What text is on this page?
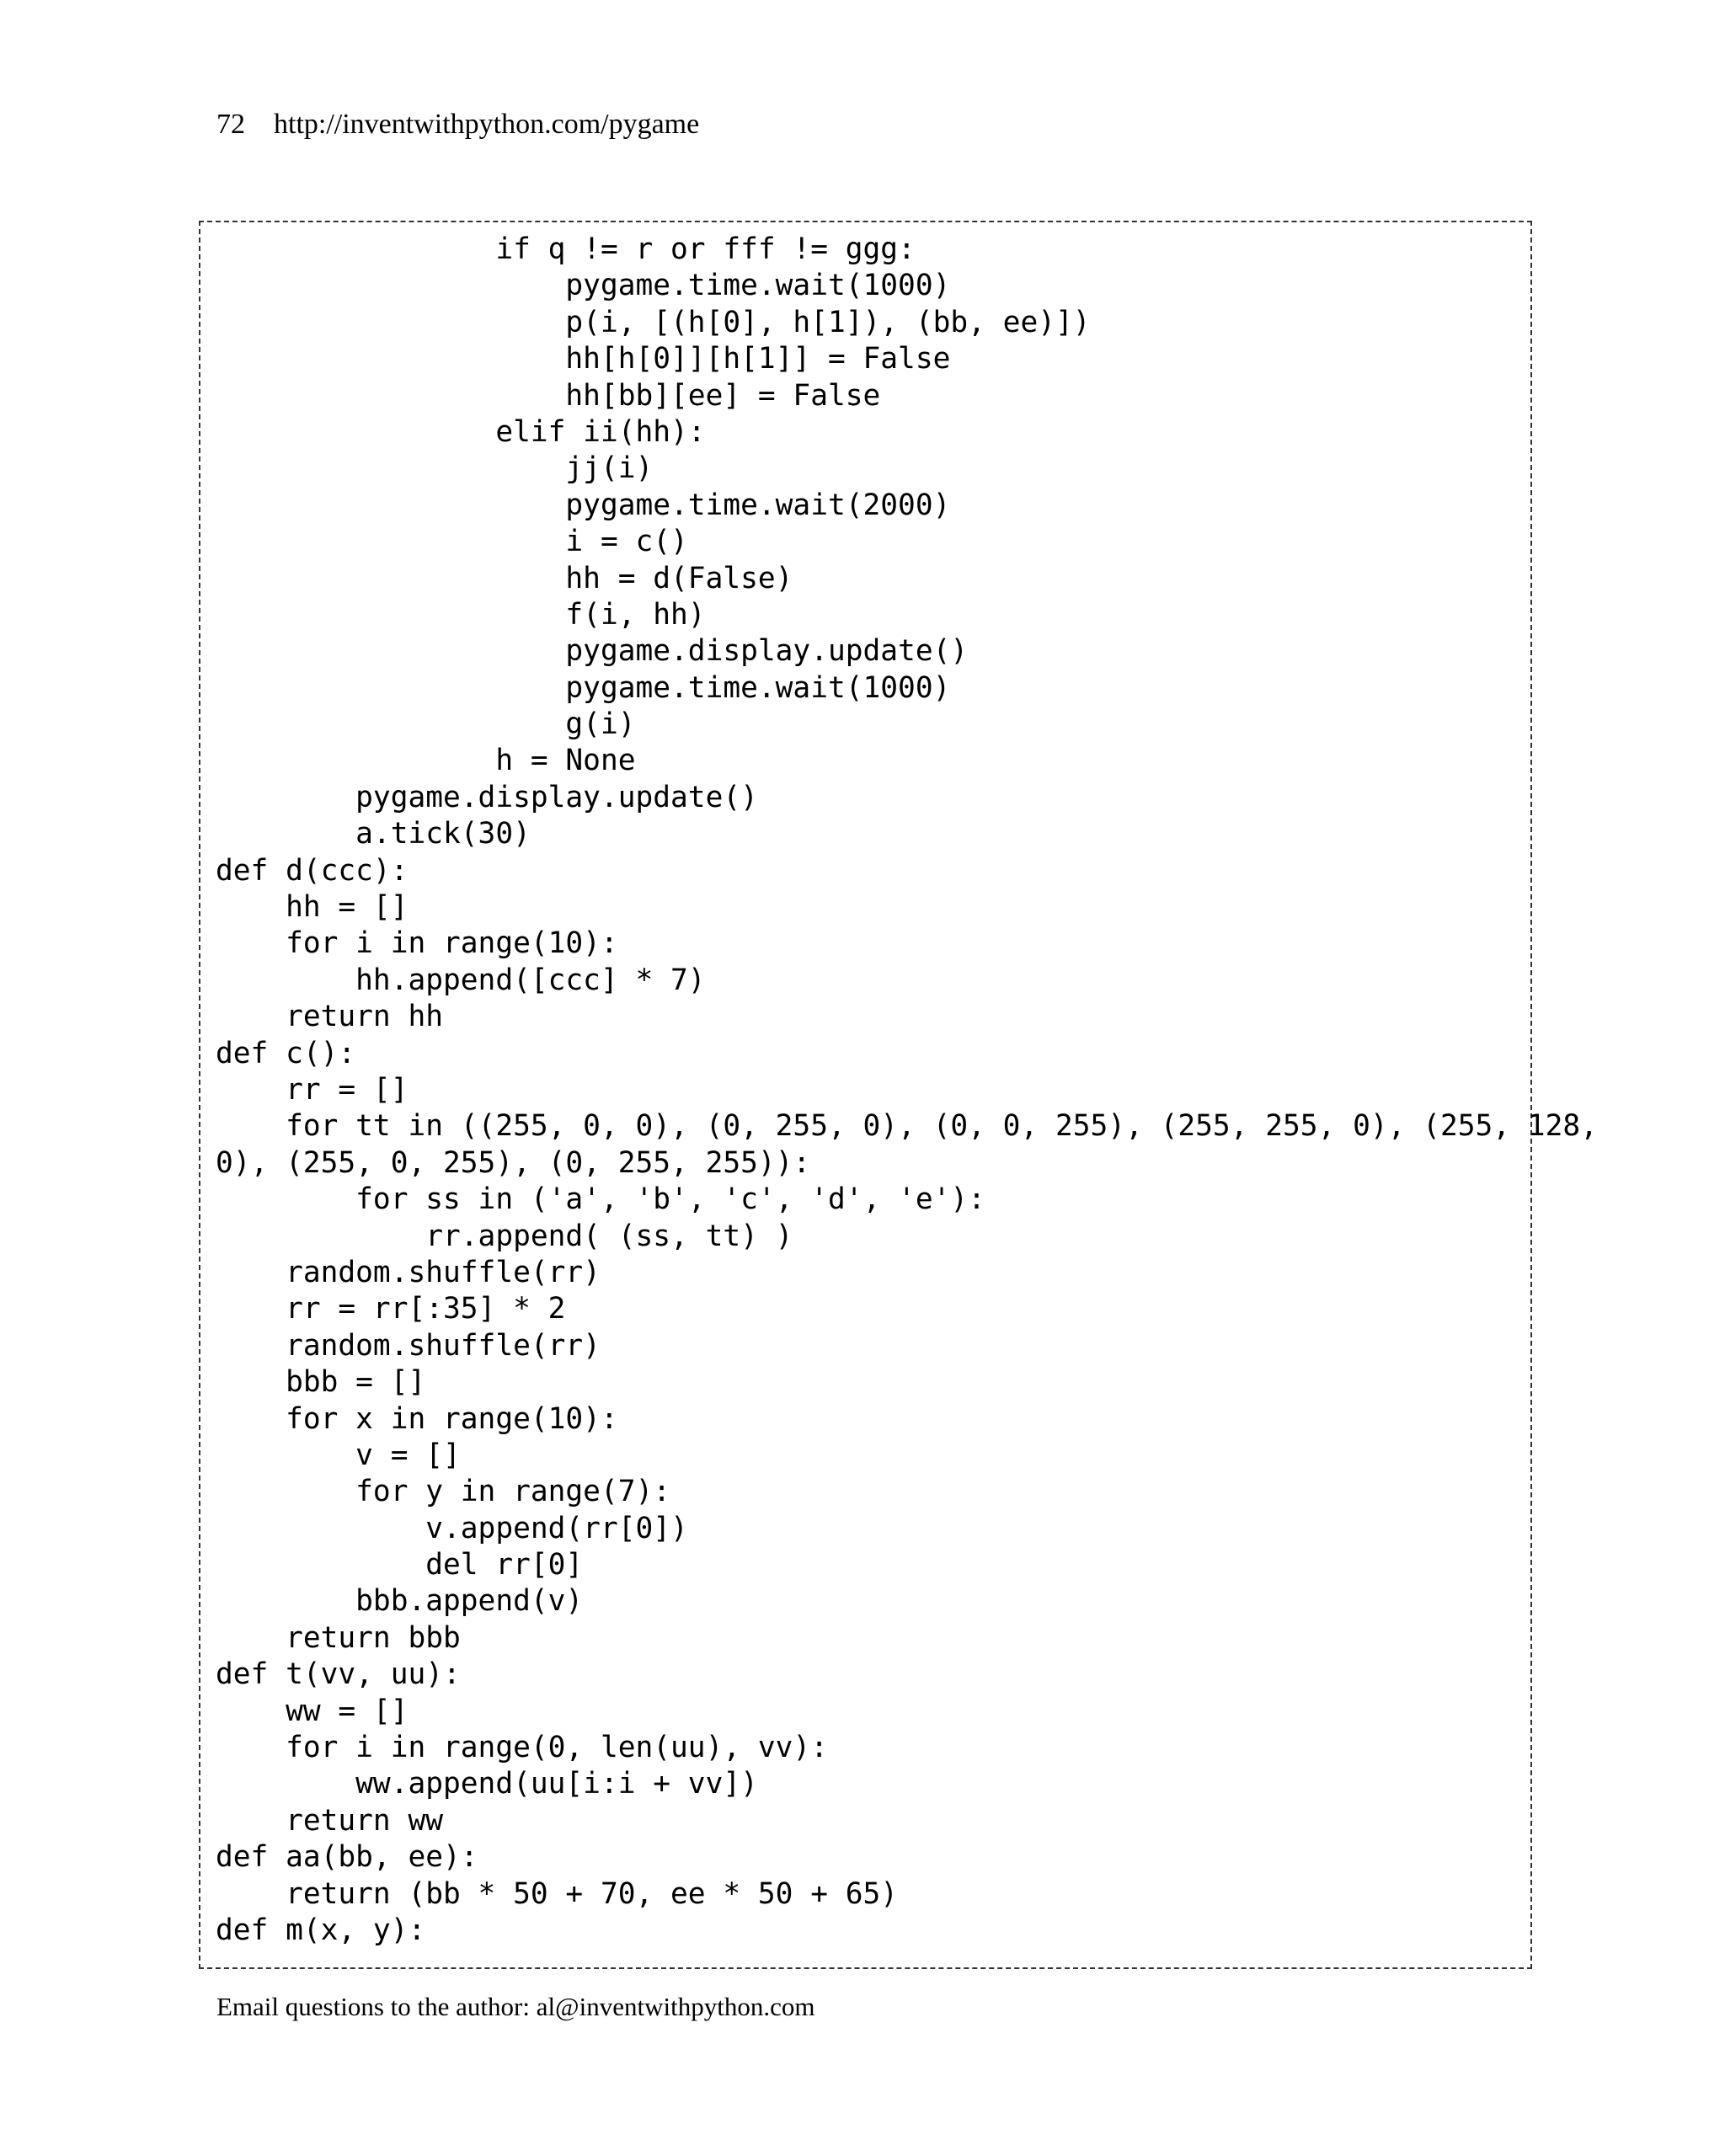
72 http://inventwithpython.com/pygame
if q != r or fff != ggg:
pygame.time.wait(1000)
p(i, [(h[0], h[1]), (bb, ee)])
hh[h[0]][h[1]] = False
hh[bb][ee] = False
elif ii(hh):
jj(i)
pygame.time.wait(2000)
i = c()
hh = d(False)
f(i, hh)
pygame.display.update()
pygame.time.wait(1000)
g(i)
h = None
pygame.display.update()
a.tick(30)
def d(ccc):
hh = []
for i in range(10):
hh.append([ccc] * 7)
return hh
def c():
rr = []
for tt in ((255, 0, 0), (0, 255, 0), (0, 0, 255), (255, 255, 0), (255, 128,
0), (255, 0, 255), (0, 255, 255)):
for ss in ('a', 'b', 'c', 'd', 'e'):
rr.append( (ss, tt) )
random.shuffle(rr)
rr = rr[:35] * 2
random.shuffle(rr)
bbb = []
for x in range(10):
v = []
for y in range(7):
v.append(rr[0])
del rr[0]
bbb.append(v)
return bbb
def t(vv, uu):
ww = []
for i in range(0, len(uu), vv):
ww.append(uu[i:i + vv])
return ww
def aa(bb, ee):
return (bb * 50 + 70, ee * 50 + 65)
def m(x, y):
Email questions to the author: al@inventwithpython.com
